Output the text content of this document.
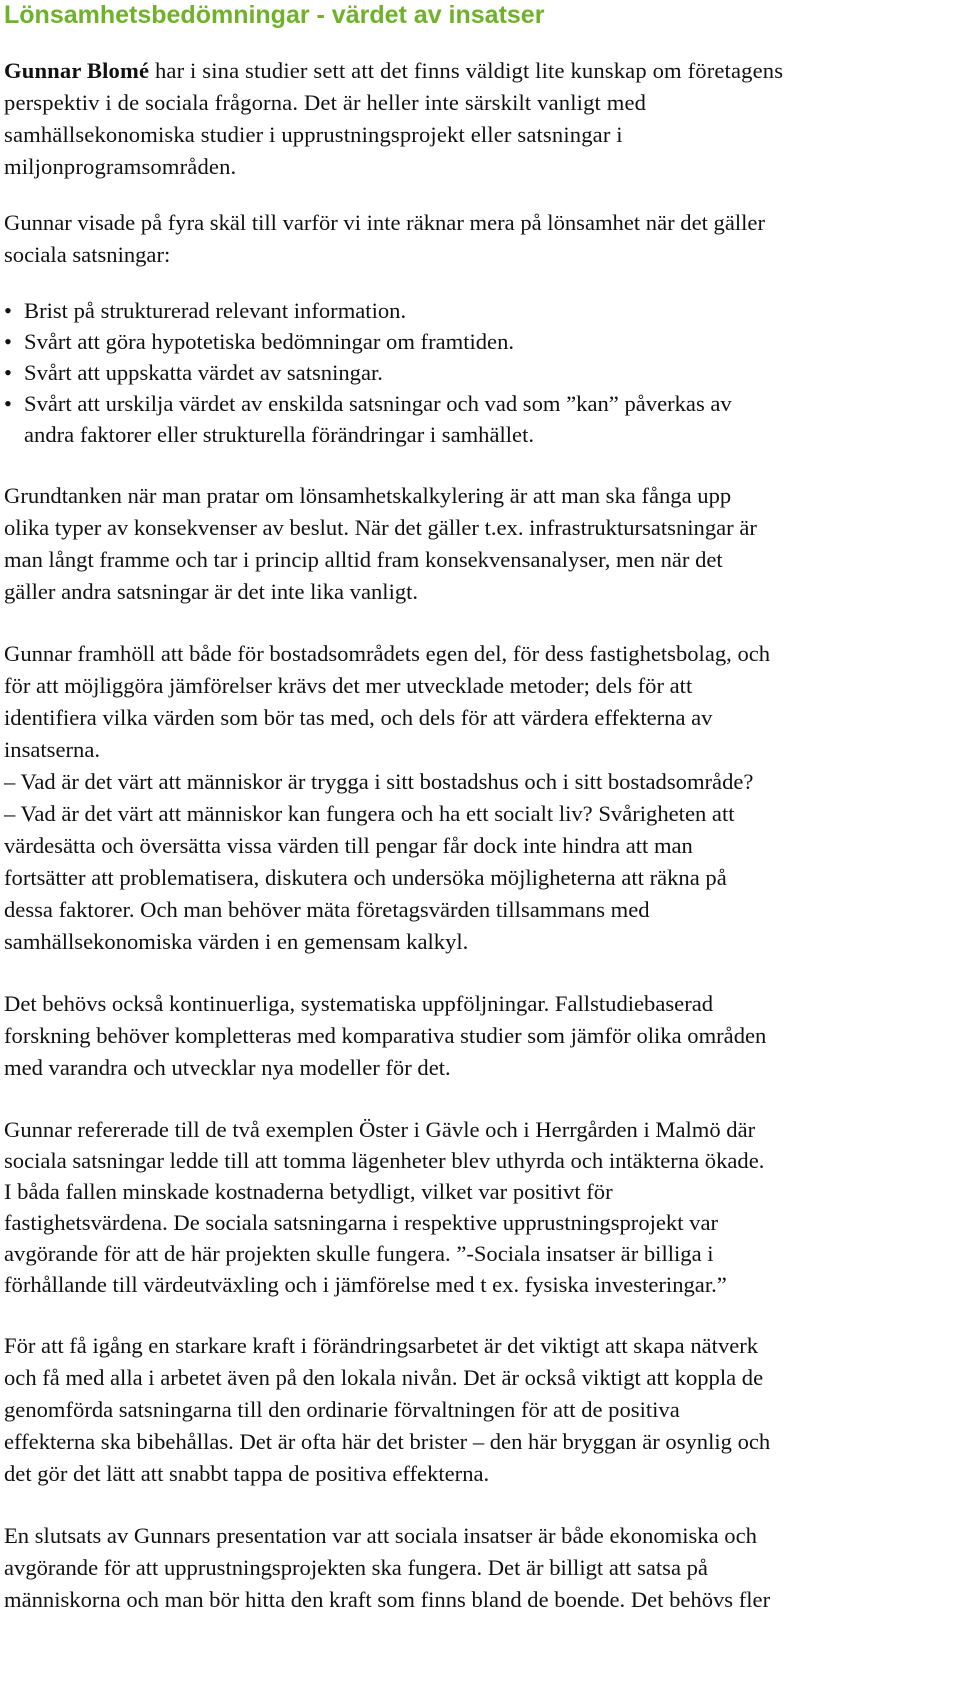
Lönsamhetsbedömningar - värdet av insatser
Gunnar Blomé har i sina studier sett att det finns väldigt lite kunskap om företagens
perspektiv i de sociala frågorna. Det är heller inte särskilt vanligt med
samhällsekonomiska studier i upprustningsprojekt eller satsningar i
miljonprogramsområden.
Gunnar visade på fyra skäl till varför vi inte räknar mera på lönsamhet när det gäller
sociala satsningar:
• Brist på strukturerad relevant information.
• Svårt att göra hypotetiska bedömningar om framtiden.
• Svårt att uppskatta värdet av satsningar.
• Svårt att urskilja värdet av enskilda satsningar och vad som ”kan” påverkas av
andra faktorer eller strukturella förändringar i samhället.
Grundtanken när man pratar om lönsamhetskalkylering är att man ska fånga upp
olika typer av konsekvenser av beslut. När det gäller t.ex. infrastruktursatsningar är
man långt framme och tar i princip alltid fram konsekvensanalyser, men när det
gäller andra satsningar är det inte lika vanligt.
Gunnar framhöll att både för bostadsområdets egen del, för dess fastighetsbolag, och
för att möjliggöra jämförelser krävs det mer utvecklade metoder; dels för att
identifiera vilka värden som bör tas med, och dels för att värdera effekterna av
insatserna.
– Vad är det värt att människor är trygga i sitt bostadshus och i sitt bostadsområde?
– Vad är det värt att människor kan fungera och ha ett socialt liv? Svårigheten att
värdesätta och översätta vissa värden till pengar får dock inte hindra att man
fortsätter att problematisera, diskutera och undersöka möjligheterna att räkna på
dessa faktorer. Och man behöver mäta företagsvärden tillsammans med
samhällsekonomiska värden i en gemensam kalkyl.
Det behövs också kontinuerliga, systematiska uppföljningar. Fallstudiebaserad
forskning behöver kompletteras med komparativa studier som jämför olika områden
med varandra och utvecklar nya modeller för det.
Gunnar refererade till de två exemplen Öster i Gävle och i Herrgården i Malmö där
sociala satsningar ledde till att tomma lägenheter blev uthyrda och intäkterna ökade.
I båda fallen minskade kostnaderna betydligt, vilket var positivt för
fastighetsvärdena. De sociala satsningarna i respektive upprustningsprojekt var
avgörande för att de här projekten skulle fungera. ”-Sociala insatser är billiga i
förhållande till värdeutväxling och i jämförelse med t ex. fysiska investeringar.”
För att få igång en starkare kraft i förändringsarbetet är det viktigt att skapa nätverk
och få med alla i arbetet även på den lokala nivån. Det är också viktigt att koppla de
genomförda satsningarna till den ordinarie förvaltningen för att de positiva
effekterna ska bibehållas. Det är ofta här det brister – den här bryggan är osynlig och
det gör det lätt att snabbt tappa de positiva effekterna.
En slutsats av Gunnars presentation var att sociala insatser är både ekonomiska och
avgörande för att upprustningsprojekten ska fungera. Det är billigt att satsa på
människorna och man bör hitta den kraft som finns bland de boende. Det behövs fler
